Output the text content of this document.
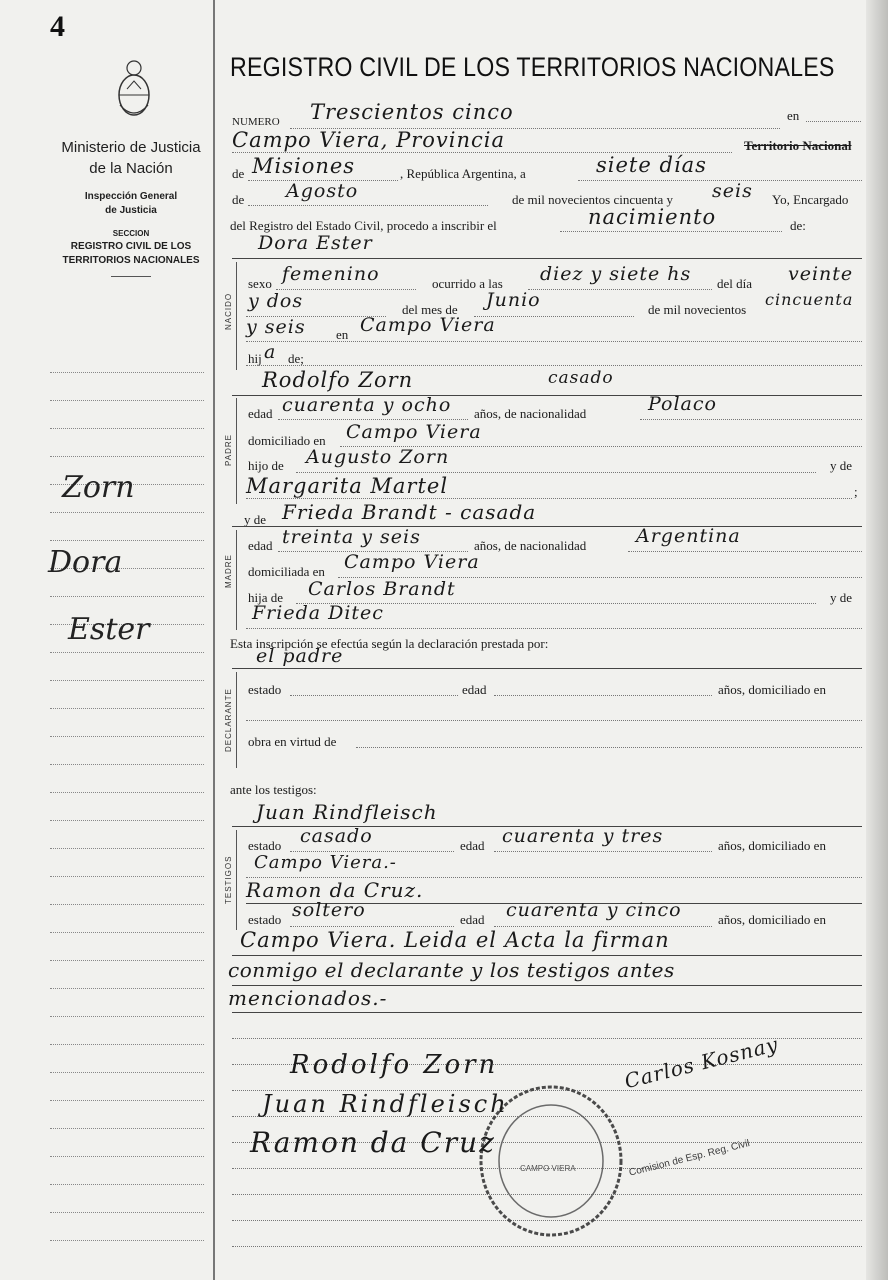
4
Ministerio de Justicia
de la Nación
Inspección General
de Justicia
SECCION
REGISTRO CIVIL DE LOS
TERRITORIOS NACIONALES
Zorn
Dora
Ester
REGISTRO CIVIL DE LOS TERRITORIOS NACIONALES
NUMERO Trescientos cinco	en
Campo Viera, Provincia	Territorio Nacional
de Misiones	, República Argentina, a	siete días
de Agosto	de mil novecientos cincuenta y seis Yo, Encargado
del Registro del Estado Civil, procedo a inscribir el	nacimiento	de:
Dora Ester
NACIDO
sexo femenino	ocurrido a las diez y siete hs del día veinte
y dos	del mes de Junio	de mil novecientos
cincuenta
y seis en Campo Viera
hij a de;
Rodolfo Zorn	casado
PADRE
edad cuarenta y ocho años, de nacionalidad	Polaco
domiciliado en Campo Viera
hijo de Augusto Zorn	y de
Margarita Martel	;
y de Frieda Brandt - casada
MADRE
edad treinta y seis	años, de nacionalidad	Argentina
domiciliada en Campo Viera
hija de Carlos Brandt	y de
Frieda Ditec
Esta inscripción se efectúa según la declaración prestada por:
el padre
DECLARANTE estado	edad	años, domiciliado en
obra en virtud de
ante los testigos:
Juan Rindfleisch
TESTIGOS
estado casado	edad cuarenta y tres	años, domiciliado en
Campo Viera.-
Ramon da Cruz.
estado soltero	edad cuarenta y cinco	años, domiciliado en
Campo Viera. Leida el Acta la firman
conmigo el declarante y los testigos antes
mencionados.-
CAMPO VIERA
Rodolfo Zorn
Juan Rindfleisch
Ramon da Cruz
Carlos Kosnay
Comision de Esp. Reg. Civil
